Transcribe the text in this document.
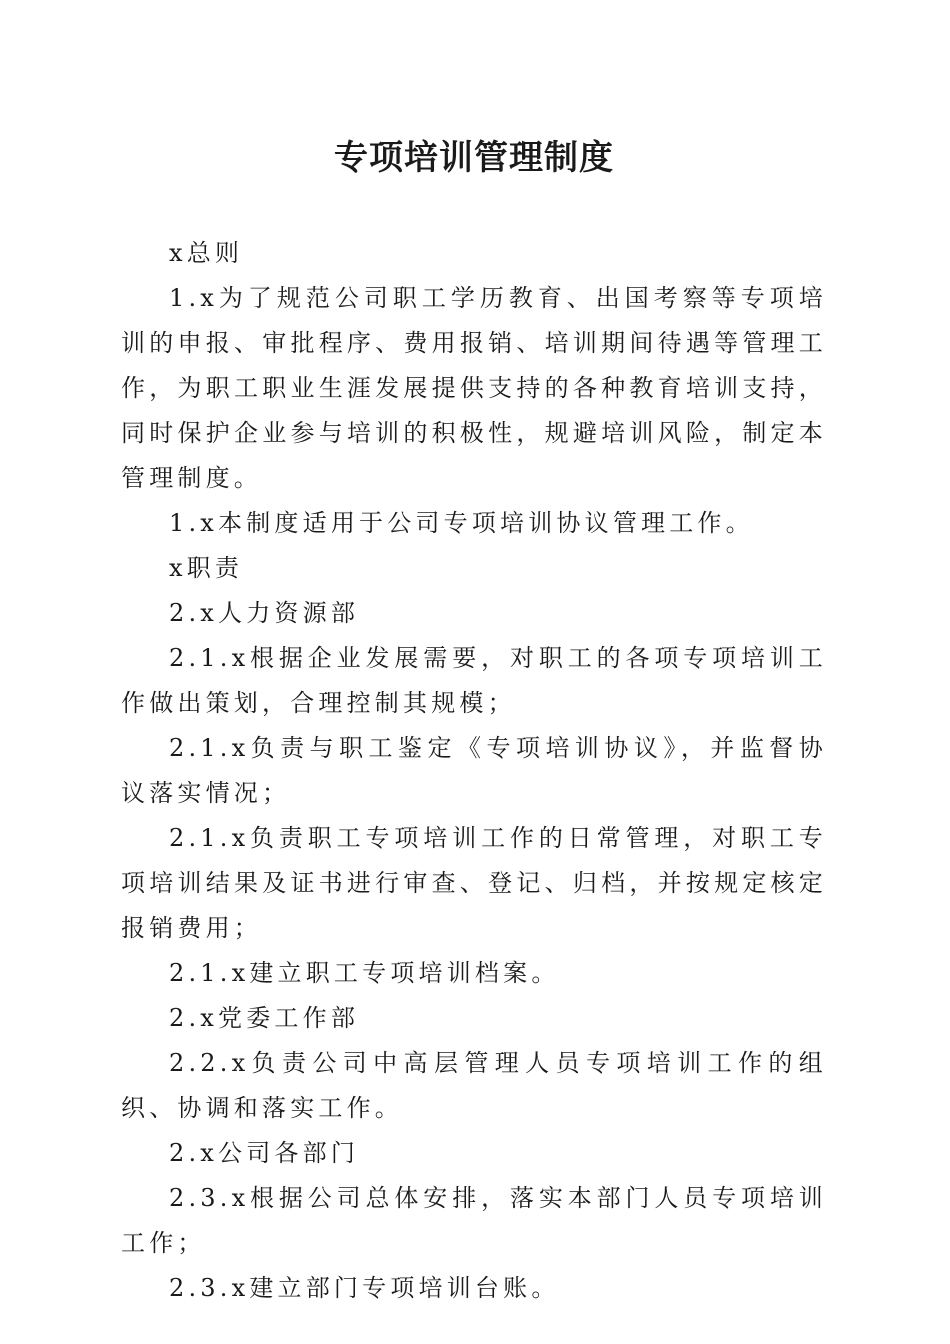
专项培训管理制度

x总则

1.x为了规范公司职工学历教育、出国考察等专项培训的申报、审批程序、费用报销、培训期间待遇等管理工作，为职工职业生涯发展提供支持的各种教育培训支持，同时保护企业参与培训的积极性，规避培训风险，制定本管理制度。

1.x本制度适用于公司专项培训协议管理工作。

x职责

2.x人力资源部

2.1.x根据企业发展需要，对职工的各项专项培训工作做出策划，合理控制其规模；

2.1.x负责与职工鉴定《专项培训协议》，并监督协议落实情况；

2.1.x负责职工专项培训工作的日常管理，对职工专项培训结果及证书进行审查、登记、归档，并按规定核定报销费用；

2.1.x建立职工专项培训档案。

2.x党委工作部

2.2.x负责公司中高层管理人员专项培训工作的组织、协调和落实工作。

2.x公司各部门

2.3.x根据公司总体安排，落实本部门人员专项培训工作；

2.3.x建立部门专项培训台账。
